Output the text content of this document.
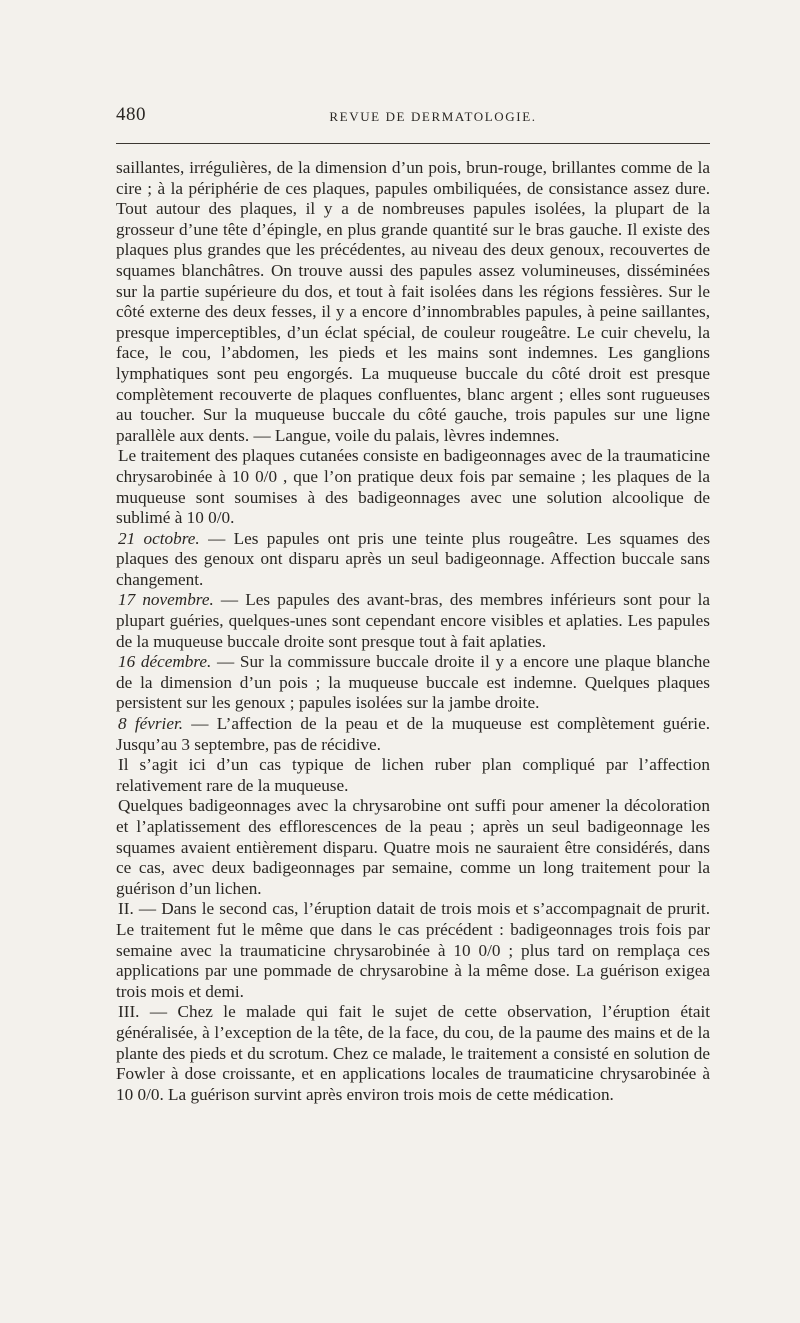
480	REVUE DE DERMATOLOGIE.

saillantes, irrégulières, de la dimension d’un pois, brun-rouge, brillantes comme de la cire ; à la périphérie de ces plaques, papules ombiliquées, de consistance assez dure. Tout autour des plaques, il y a de nombreuses papules isolées, la plupart de la grosseur d’une tête d’épingle, en plus grande quantité sur le bras gauche. Il existe des plaques plus grandes que les précédentes, au niveau des deux genoux, recouvertes de squames blanchâtres. On trouve aussi des papules assez volumineuses, disséminées sur la partie supérieure du dos, et tout à fait isolées dans les régions fessières. Sur le côté externe des deux fesses, il y a encore d’innombrables papules, à peine saillantes, presque imperceptibles, d’un éclat spécial, de couleur rougeâtre. Le cuir chevelu, la face, le cou, l’abdomen, les pieds et les mains sont indemnes. Les ganglions lymphatiques sont peu engorgés. La muqueuse buccale du côté droit est presque complètement recouverte de plaques confluentes, blanc argent ; elles sont rugueuses au toucher. Sur la muqueuse buccale du côté gauche, trois papules sur une ligne parallèle aux dents. — Langue, voile du palais, lèvres indemnes.

Le traitement des plaques cutanées consiste en badigeonnages avec de la traumaticine chrysarobinée à 10 0/0 , que l’on pratique deux fois par semaine ; les plaques de la muqueuse sont soumises à des badigeonnages avec une solution alcoolique de sublimé à 10 0/0.

21 octobre. — Les papules ont pris une teinte plus rougeâtre. Les squames des plaques des genoux ont disparu après un seul badigeonnage. Affection buccale sans changement.

17 novembre. — Les papules des avant-bras, des membres inférieurs sont pour la plupart guéries, quelques-unes sont cependant encore visibles et aplaties. Les papules de la muqueuse buccale droite sont presque tout à fait aplaties.

16 décembre. — Sur la commissure buccale droite il y a encore une plaque blanche de la dimension d’un pois ; la muqueuse buccale est indemne. Quelques plaques persistent sur les genoux ; papules isolées sur la jambe droite.

8 février. — L’affection de la peau et de la muqueuse est complètement guérie. Jusqu’au 3 septembre, pas de récidive.

Il s’agit ici d’un cas typique de lichen ruber plan compliqué par l’affection relativement rare de la muqueuse.

Quelques badigeonnages avec la chrysarobine ont suffi pour amener la décoloration et l’aplatissement des efflorescences de la peau ; après un seul badigeonnage les squames avaient entièrement disparu. Quatre mois ne sauraient être considérés, dans ce cas, avec deux badigeonnages par semaine, comme un long traitement pour la guérison d’un lichen.

II. — Dans le second cas, l’éruption datait de trois mois et s’accompagnait de prurit. Le traitement fut le même que dans le cas précédent : badigeonnages trois fois par semaine avec la traumaticine chrysarobinée à 10 0/0 ; plus tard on remplaça ces applications par une pommade de chrysarobine à la même dose. La guérison exigea trois mois et demi.

III. — Chez le malade qui fait le sujet de cette observation, l’éruption était généralisée, à l’exception de la tête, de la face, du cou, de la paume des mains et de la plante des pieds et du scrotum. Chez ce malade, le traitement a consisté en solution de Fowler à dose croissante, et en applications locales de traumaticine chrysarobinée à 10 0/0. La guérison survint après environ trois mois de cette médication.
